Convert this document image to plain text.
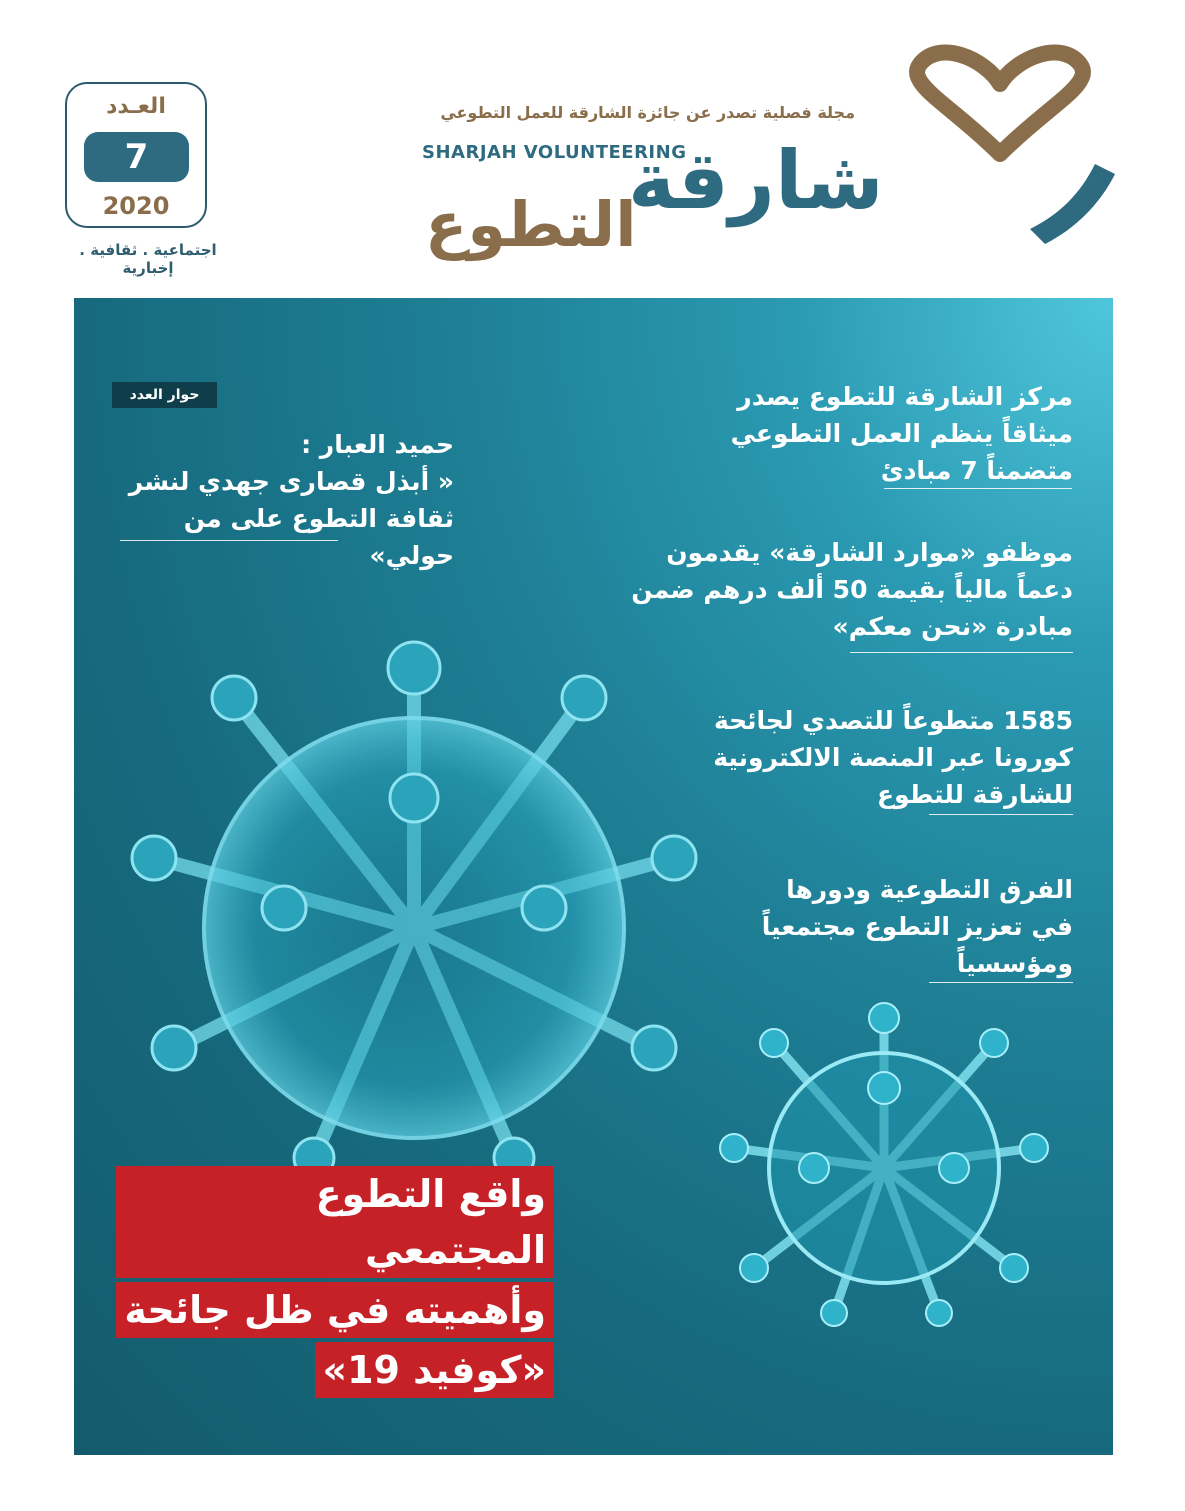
العـدد
7
2020
اجتماعية . ثقافية . إخبارية
مجلة فصلية تصدر عن جائزة الشارقة للعمل التطوعي
SHARJAH VOLUNTEERING
شارقة
التطوع
مركز الشارقة للتطوع يصدر
ميثاقاً ينظم العمل التطوعي
متضمناً 7 مبادئ
موظفو «موارد الشارقة» يقدمون
دعماً مالياً بقيمة 50 ألف درهم ضمن
مبادرة «نحن معكم»
1585 متطوعاً للتصدي لجائحة
كورونا عبر المنصة الالكترونية
للشارقة للتطوع
الفرق التطوعية ودورها
في تعزيز التطوع مجتمعياً
ومؤسسياً
حوار العدد
حميد العبار :
« أبذل قصارى جهدي لنشر
ثقافة التطوع على من حولي»
واقع التطوع المجتمعي
وأهميته في ظل جائحة
«كوفيد 19»
